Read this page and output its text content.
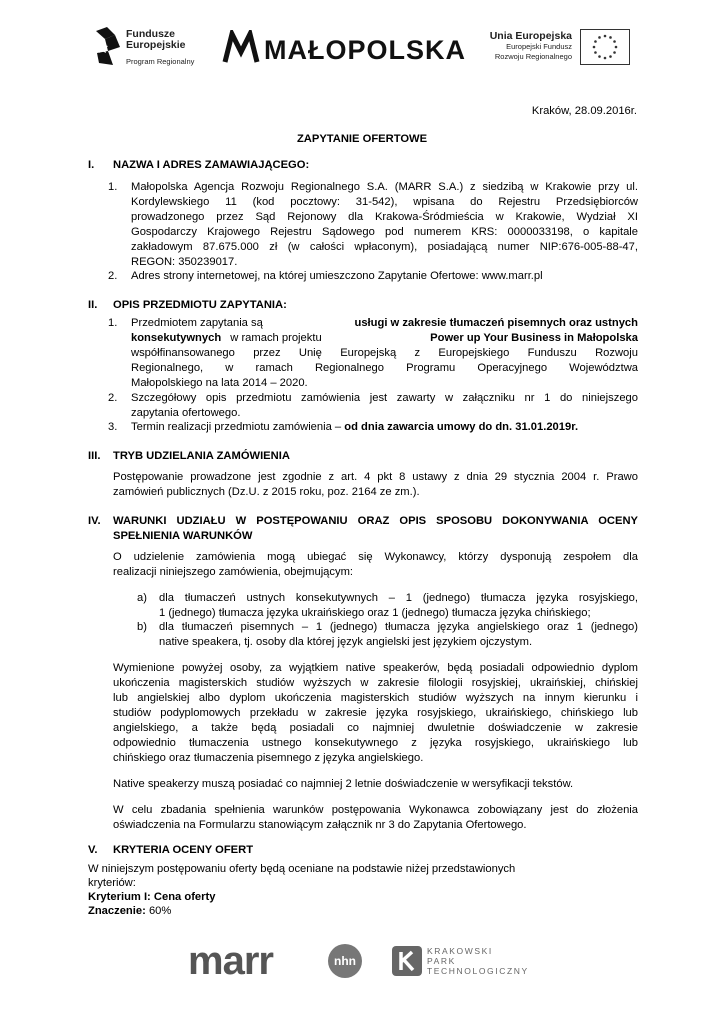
Fundusze
Europejskie
Program Regionalny	MAŁOPOLSKA	Unia Europejska
Europejski Fundusz
Rozwoju Regionalnego
Kraków, 28.09.2016r.
ZAPYTANIE OFERTOWE
I.	NAZWA I ADRES ZAMAWIAJĄCEGO:
1. Małopolska Agencja Rozwoju Regionalnego S.A. (MARR S.A.) z siedzibą w Krakowie przy ul.
Kordylewskiego 11 (kod pocztowy: 31-542), wpisana do Rejestru Przedsiębiorców
prowadzonego przez Sąd Rejonowy dla Krakowa-Śródmieścia w Krakowie, Wydział XI
Gospodarczy Krajowego Rejestru Sądowego pod numerem KRS: 0000033198, o kapitale
zakładowym 87.675.000 zł (w całości wpłaconym), posiadającą numer NIP:676-005-88-47,
REGON: 350239017.
2. Adres strony internetowej, na której umieszczono Zapytanie Ofertowe: www.marr.pl
II.	OPIS PRZEDMIOTU ZAPYTANIA:
1. Przedmiotem zapytania są	usługi w zakresie tłumaczeń pisemnych oraz ustnych
konsekutywnych w ramach projektu	Power up Your Business in Małopolska
współfinansowanego przez Unię Europejską z Europejskiego Funduszu Rozwoju
Regionalnego, w ramach Regionalnego Programu Operacyjnego Województwa
Małopolskiego na lata 2014 – 2020.
2. Szczegółowy opis przedmiotu zamówienia jest zawarty w załączniku nr 1 do niniejszego
zapytania ofertowego.
3. Termin realizacji przedmiotu zamówienia – od dnia zawarcia umowy do dn. 31.01.2019r.
III.	TRYB UDZIELANIA ZAMÓWIENIA
Postępowanie prowadzone jest zgodnie z art. 4 pkt 8 ustawy z dnia 29 stycznia 2004 r. Prawo
zamówień publicznych (Dz.U. z 2015 roku, poz. 2164 ze zm.).
IV.	WARUNKI UDZIAŁU W POSTĘPOWANIU ORAZ OPIS SPOSOBU DOKONYWANIA OCENY
SPEŁNIENIA WARUNKÓW
O udzielenie zamówienia mogą ubiegać się Wykonawcy, którzy dysponują zespołem dla
realizacji niniejszego zamówienia, obejmującym:
a) dla tłumaczeń ustnych konsekutywnych – 1 (jednego) tłumacza języka rosyjskiego,
1 (jednego) tłumacza języka ukraińskiego oraz 1 (jednego) tłumacza języka chińskiego;
b) dla tłumaczeń pisemnych – 1 (jednego) tłumacza języka angielskiego oraz 1 (jednego)
native speakera, tj. osoby dla której język angielski jest językiem ojczystym.
Wymienione powyżej osoby, za wyjątkiem native speakerów, będą posiadali odpowiednio dyplom
ukończenia magisterskich studiów wyższych w zakresie filologii rosyjskiej, ukraińskiej, chińskiej
lub angielskiej albo dyplom ukończenia magisterskich studiów wyższych na innym kierunku i
studiów podyplomowych przekładu w zakresie języka rosyjskiego, ukraińskiego, chińskiego lub
angielskiego, a także będą posiadali co najmniej dwuletnie doświadczenie w zakresie
odpowiednio tłumaczenia ustnego konsekutywnego z języka rosyjskiego, ukraińskiego lub
chińskiego oraz tłumaczenia pisemnego z języka angielskiego.
Native speakerzy muszą posiadać co najmniej 2 letnie doświadczenie w wersyfikacji tekstów.
W celu zbadania spełnienia warunków postępowania Wykonawca zobowiązany jest do złożenia
oświadczenia na Formularzu stanowiącym załącznik nr 3 do Zapytania Ofertowego.
V.	KRYTERIA OCENY OFERT
W niniejszym postępowaniu oferty będą oceniane na podstawie niżej przedstawionych
kryteriów:
Kryterium I: Cena oferty
Znaczenie: 60%
marr	nhn
KRAKOWSKI
PARK
TECHNOLOGICZNY
